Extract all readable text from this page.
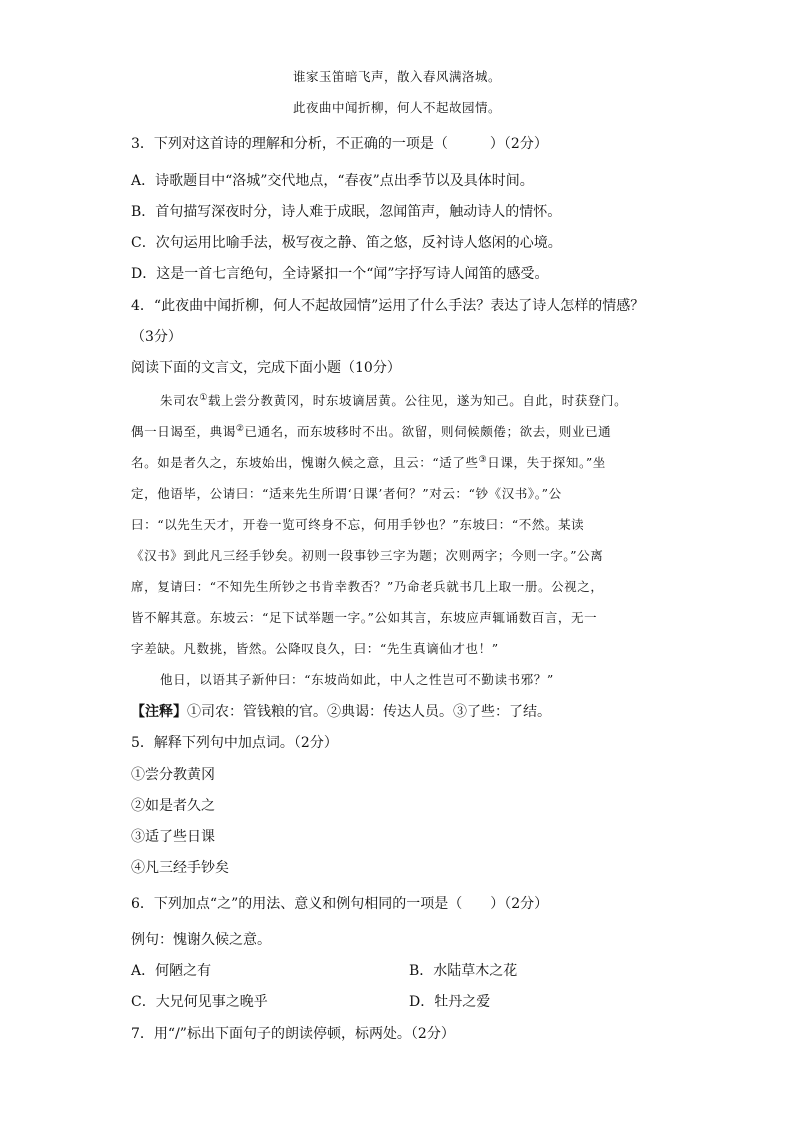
谁家玉笛暗飞声，散入春风满洛城。
此夜曲中闻折柳，何人不起故园情。
3．下列对这首诗的理解和分析，不正确的一项是（　　　）（2分）
A．诗歌题目中“洛城”交代地点，“春夜”点出季节以及具体时间。
B．首句描写深夜时分，诗人难于成眠，忽闻笛声，触动诗人的情怀。
C．次句运用比喻手法，极写夜之静、笛之悠，反衬诗人悠闲的心境。
D．这是一首七言绝句，全诗紧扣一个“闻”字抒写诗人闻笛的感受。
4．“此夜曲中闻折柳，何人不起故园情”运用了什么手法？表达了诗人怎样的情感？
（3分）
阅读下面的文言文，完成下面小题（10分）
朱司农①载上尝分教黄冈，时东坡谪居黄。公往见，遂为知己。自此，时获登门。
偶一日谒至，典谒②已通名，而东坡移时不出。欲留，则伺候颇倦；欲去，则业已通
名。如是者久之，东坡始出，愧谢久候之意，且云：“适了些③日课，失于探知。”坐
定，他语毕，公请曰：“适来先生所谓‘日课’者何？”对云：“钞《汉书》。”公
曰：“以先生天才，开卷一览可终身不忘，何用手钞也？”东坡曰：“不然。某读
《汉书》到此凡三经手钞矣。初则一段事钞三字为题；次则两字；今则一字。”公离
席，复请曰：“不知先生所钞之书肯幸教否？”乃命老兵就书几上取一册。公视之，
皆不解其意。东坡云：“足下试举题一字。”公如其言，东坡应声辄诵数百言，无一
字差缺。凡数挑，皆然。公降叹良久，曰：“先生真谪仙才也！”
他日，以语其子新仲曰：“东坡尚如此，中人之性岂可不勤读书邪？”
【注释】①司农：管钱粮的官。②典谒：传达人员。③了些：了结。
5．解释下列句中加点词。（2分）
①尝分教黄冈
②如是者久之
③适了些日课
④凡三经手钞矣
6．下列加点“之”的用法、意义和例句相同的一项是（　　）（2分）
例句：愧谢久候之意。
A．何陋之有	B．水陆草木之花
C．大兄何见事之晚乎	D．牡丹之爱
7．用“/”标出下面句子的朗读停顿，标两处。（2分）
